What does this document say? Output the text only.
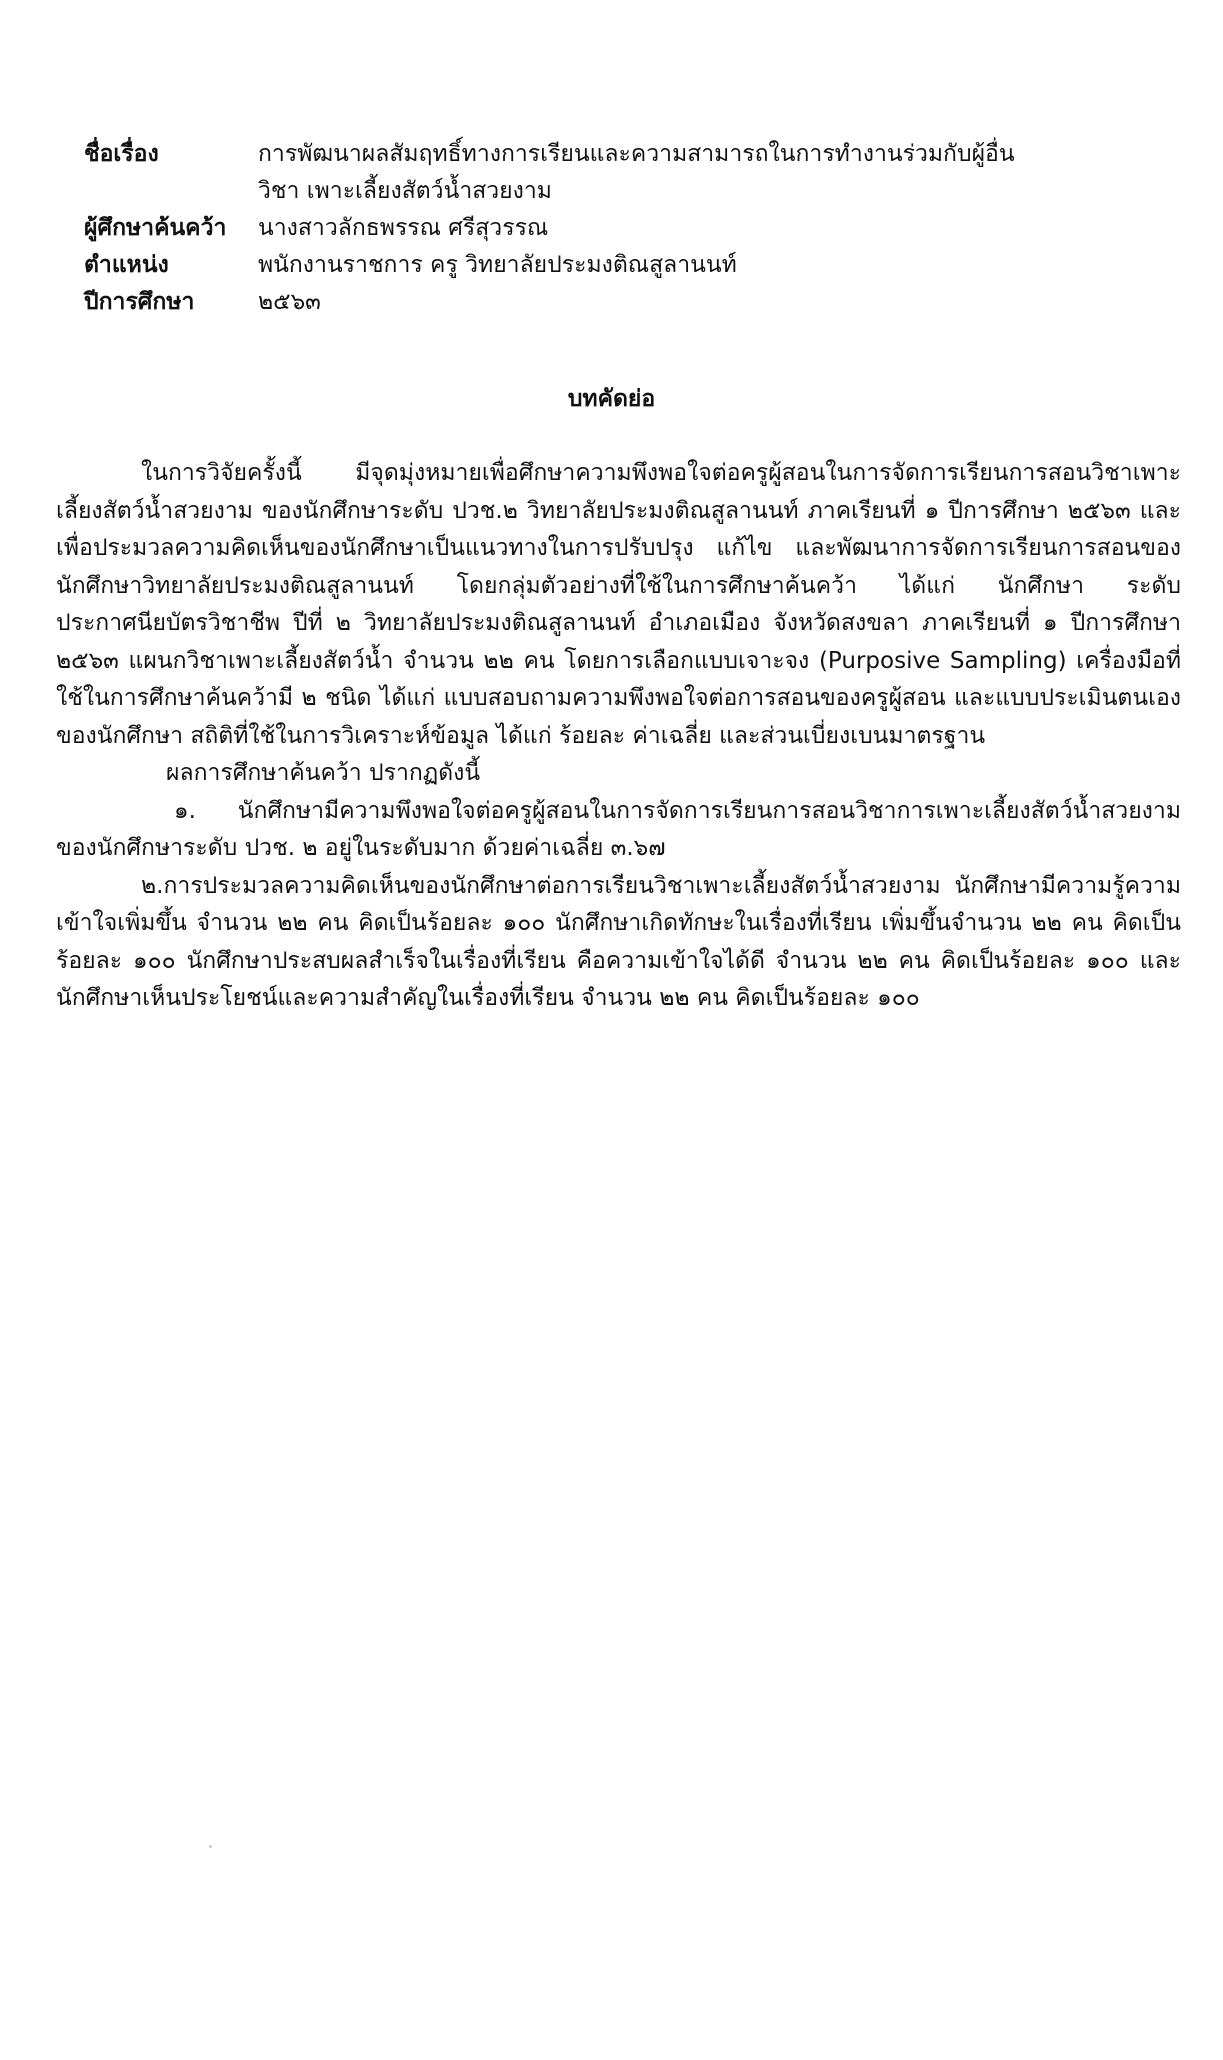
ชื่อเรื่อง	การพัฒนาผลสัมฤทธิ์ทางการเรียนและความสามารถในการทำงานร่วมกับผู้อื่น
วิชา เพาะเลี้ยงสัตว์น้ำสวยงาม
ผู้ศึกษาค้นคว้า นางสาวลักธพรรณ ศรีสุวรรณ
ตำแหน่ง	พนักงานราชการ ครู วิทยาลัยประมงติณสูลานนท์
ปีการศึกษา	๒๕๖๓
บทคัดย่อ

ในการวิจัยครั้งนี้ มีจุดมุ่งหมายเพื่อศึกษาความพึงพอใจต่อครูผู้สอนในการจัดการเรียนการสอนวิชาเพาะเลี้ยงสัตว์น้ำสวยงาม ของนักศึกษาระดับ ปวช.๒ วิทยาลัยประมงติณสูลานนท์ ภาคเรียนที่ ๑ ปีการศึกษา ๒๕๖๓ และเพื่อประมวลความคิดเห็นของนักศึกษาเป็นแนวทางในการปรับปรุง แก้ไข และพัฒนาการจัดการเรียนการสอนของนักศึกษาวิทยาลัยประมงติณสูลานนท์ โดยกลุ่มตัวอย่างที่ใช้ในการศึกษาค้นคว้า ได้แก่ นักศึกษา ระดับประกาศนียบัตรวิชาชีพ ปีที่ ๒ วิทยาลัยประมงติณสูลานนท์ อำเภอเมือง จังหวัดสงขลา ภาคเรียนที่ ๑ ปีการศึกษา ๒๕๖๓ แผนกวิชาเพาะเลี้ยงสัตว์น้ำ จำนวน ๒๒ คน โดยการเลือกแบบเจาะจง (Purposive Sampling) เครื่องมือที่ใช้ในการศึกษาค้นคว้ามี ๒ ชนิด ได้แก่ แบบสอบถามความพึงพอใจต่อการสอนของครูผู้สอน และแบบประเมินตนเองของนักศึกษา สถิติที่ใช้ในการวิเคราะห์ข้อมูล ได้แก่ ร้อยละ ค่าเฉลี่ย และส่วนเบี่ยงเบนมาตรฐาน

ผลการศึกษาค้นคว้า ปรากฏดังนี้

๑. นักศึกษามีความพึงพอใจต่อครูผู้สอนในการจัดการเรียนการสอนวิชาการเพาะเลี้ยงสัตว์น้ำสวยงาม ของนักศึกษาระดับ ปวช. ๒ อยู่ในระดับมาก ด้วยค่าเฉลี่ย ๓.๖๗

๒.การประมวลความคิดเห็นของนักศึกษาต่อการเรียนวิชาเพาะเลี้ยงสัตว์น้ำสวยงาม นักศึกษามีความรู้ความเข้าใจเพิ่มขึ้น จำนวน ๒๒ คน คิดเป็นร้อยละ ๑๐๐ นักศึกษาเกิดทักษะในเรื่องที่เรียน เพิ่มขึ้นจำนวน ๒๒ คน คิดเป็นร้อยละ ๑๐๐ นักศึกษาประสบผลสำเร็จในเรื่องที่เรียน คือความเข้าใจได้ดี จำนวน ๒๒ คน คิดเป็นร้อยละ ๑๐๐ และนักศึกษาเห็นประโยชน์และความสำคัญในเรื่องที่เรียน จำนวน ๒๒ คน คิดเป็นร้อยละ ๑๐๐
